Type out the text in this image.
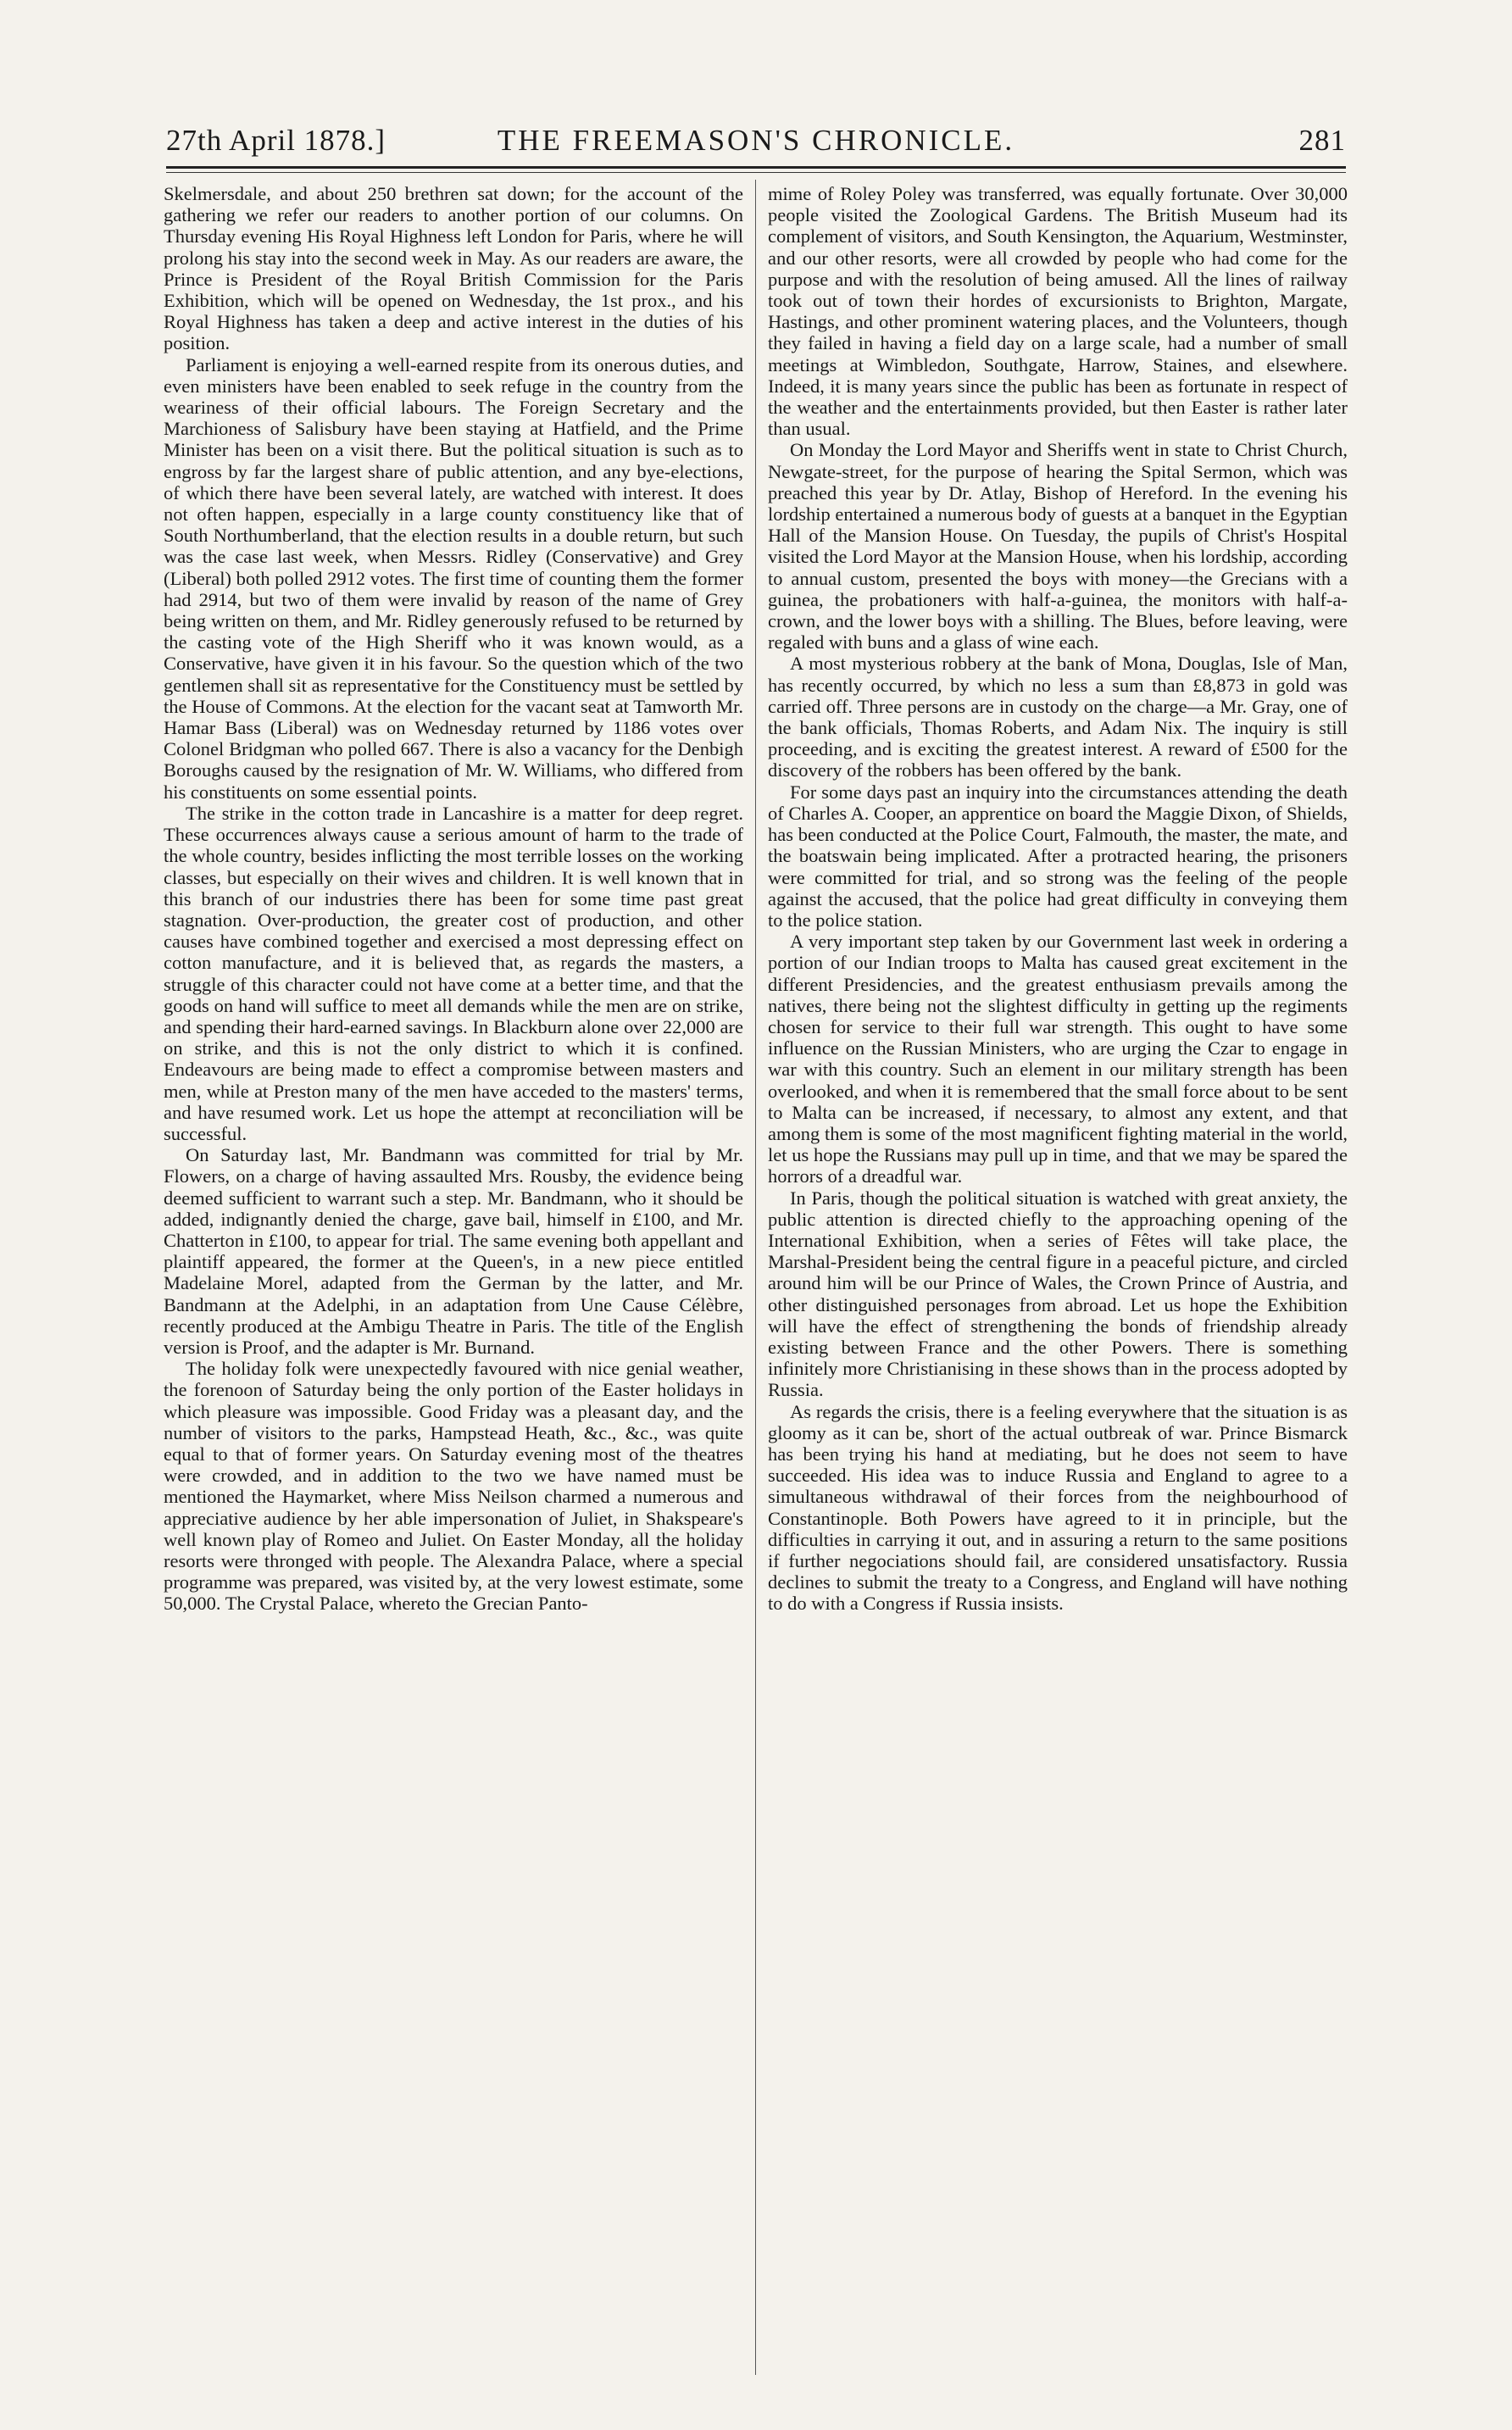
27th April 1878.]	THE FREEMASON'S CHRONICLE.	281

Skelmersdale, and about 250 brethren sat down; for the account of the gathering we refer our readers to another portion of our columns. On Thursday evening His Royal Highness left London for Paris, where he will prolong his stay into the second week in May. As our readers are aware, the Prince is President of the Royal British Commission for the Paris Exhibition, which will be opened on Wednesday, the 1st prox., and his Royal Highness has taken a deep and active interest in the duties of his position.

Parliament is enjoying a well-earned respite from its onerous duties, and even ministers have been enabled to seek refuge in the country from the weariness of their official labours. The Foreign Secretary and the Marchioness of Salisbury have been staying at Hatfield, and the Prime Minister has been on a visit there. But the political situation is such as to engross by far the largest share of public attention, and any bye-elections, of which there have been several lately, are watched with interest. It does not often happen, especially in a large county constituency like that of South Northumberland, that the election results in a double return, but such was the case last week, when Messrs. Ridley (Conservative) and Grey (Liberal) both polled 2912 votes. The first time of counting them the former had 2914, but two of them were invalid by reason of the name of Grey being written on them, and Mr. Ridley generously refused to be returned by the casting vote of the High Sheriff who it was known would, as a Conservative, have given it in his favour. So the question which of the two gentlemen shall sit as representative for the Constituency must be settled by the House of Commons. At the election for the vacant seat at Tamworth Mr. Hamar Bass (Liberal) was on Wednesday returned by 1186 votes over Colonel Bridgman who polled 667. There is also a vacancy for the Denbigh Boroughs caused by the resignation of Mr. W. Williams, who differed from his constituents on some essential points.

The strike in the cotton trade in Lancashire is a matter for deep regret. These occurrences always cause a serious amount of harm to the trade of the whole country, besides inflicting the most terrible losses on the working classes, but especially on their wives and children. It is well known that in this branch of our industries there has been for some time past great stagnation. Over-production, the greater cost of production, and other causes have combined together and exercised a most depressing effect on cotton manufacture, and it is believed that, as regards the masters, a struggle of this character could not have come at a better time, and that the goods on hand will suffice to meet all demands while the men are on strike, and spending their hard-earned savings. In Blackburn alone over 22,000 are on strike, and this is not the only district to which it is confined. Endeavours are being made to effect a compromise between masters and men, while at Preston many of the men have acceded to the masters' terms, and have resumed work. Let us hope the attempt at reconciliation will be successful.

On Saturday last, Mr. Bandmann was committed for trial by Mr. Flowers, on a charge of having assaulted Mrs. Rousby, the evidence being deemed sufficient to warrant such a step. Mr. Bandmann, who it should be added, indignantly denied the charge, gave bail, himself in £100, and Mr. Chatterton in £100, to appear for trial. The same evening both appellant and plaintiff appeared, the former at the Queen's, in a new piece entitled Madelaine Morel, adapted from the German by the latter, and Mr. Bandmann at the Adelphi, in an adaptation from Une Cause Célèbre, recently produced at the Ambigu Theatre in Paris. The title of the English version is Proof, and the adapter is Mr. Burnand.

The holiday folk were unexpectedly favoured with nice genial weather, the forenoon of Saturday being the only portion of the Easter holidays in which pleasure was impossible. Good Friday was a pleasant day, and the number of visitors to the parks, Hampstead Heath, &c., &c., was quite equal to that of former years. On Saturday evening most of the theatres were crowded, and in addition to the two we have named must be mentioned the Haymarket, where Miss Neilson charmed a numerous and appreciative audience by her able impersonation of Juliet, in Shakspeare's well known play of Romeo and Juliet. On Easter Monday, all the holiday resorts were thronged with people. The Alexandra Palace, where a special programme was prepared, was visited by, at the very lowest estimate, some 50,000. The Crystal Palace, whereto the Grecian Panto-

mime of Roley Poley was transferred, was equally fortunate. Over 30,000 people visited the Zoological Gardens. The British Museum had its complement of visitors, and South Kensington, the Aquarium, Westminster, and our other resorts, were all crowded by people who had come for the purpose and with the resolution of being amused. All the lines of railway took out of town their hordes of excursionists to Brighton, Margate, Hastings, and other prominent watering places, and the Volunteers, though they failed in having a field day on a large scale, had a number of small meetings at Wimbledon, Southgate, Harrow, Staines, and elsewhere. Indeed, it is many years since the public has been as fortunate in respect of the weather and the entertainments provided, but then Easter is rather later than usual.

On Monday the Lord Mayor and Sheriffs went in state to Christ Church, Newgate-street, for the purpose of hearing the Spital Sermon, which was preached this year by Dr. Atlay, Bishop of Hereford. In the evening his lordship entertained a numerous body of guests at a banquet in the Egyptian Hall of the Mansion House. On Tuesday, the pupils of Christ's Hospital visited the Lord Mayor at the Mansion House, when his lordship, according to annual custom, presented the boys with money—the Grecians with a guinea, the probationers with half-a-guinea, the monitors with half-a-crown, and the lower boys with a shilling. The Blues, before leaving, were regaled with buns and a glass of wine each.

A most mysterious robbery at the bank of Mona, Douglas, Isle of Man, has recently occurred, by which no less a sum than £8,873 in gold was carried off. Three persons are in custody on the charge—a Mr. Gray, one of the bank officials, Thomas Roberts, and Adam Nix. The inquiry is still proceeding, and is exciting the greatest interest. A reward of £500 for the discovery of the robbers has been offered by the bank.

For some days past an inquiry into the circumstances attending the death of Charles A. Cooper, an apprentice on board the Maggie Dixon, of Shields, has been conducted at the Police Court, Falmouth, the master, the mate, and the boatswain being implicated. After a protracted hearing, the prisoners were committed for trial, and so strong was the feeling of the people against the accused, that the police had great difficulty in conveying them to the police station.

A very important step taken by our Government last week in ordering a portion of our Indian troops to Malta has caused great excitement in the different Presidencies, and the greatest enthusiasm prevails among the natives, there being not the slightest difficulty in getting up the regiments chosen for service to their full war strength. This ought to have some influence on the Russian Ministers, who are urging the Czar to engage in war with this country. Such an element in our military strength has been overlooked, and when it is remembered that the small force about to be sent to Malta can be increased, if necessary, to almost any extent, and that among them is some of the most magnificent fighting material in the world, let us hope the Russians may pull up in time, and that we may be spared the horrors of a dreadful war.

In Paris, though the political situation is watched with great anxiety, the public attention is directed chiefly to the approaching opening of the International Exhibition, when a series of Fêtes will take place, the Marshal-President being the central figure in a peaceful picture, and circled around him will be our Prince of Wales, the Crown Prince of Austria, and other distinguished personages from abroad. Let us hope the Exhibition will have the effect of strengthening the bonds of friendship already existing between France and the other Powers. There is something infinitely more Christianising in these shows than in the process adopted by Russia.

As regards the crisis, there is a feeling everywhere that the situation is as gloomy as it can be, short of the actual outbreak of war. Prince Bismarck has been trying his hand at mediating, but he does not seem to have succeeded. His idea was to induce Russia and England to agree to a simultaneous withdrawal of their forces from the neighbourhood of Constantinople. Both Powers have agreed to it in principle, but the difficulties in carrying it out, and in assuring a return to the same positions if further negociations should fail, are considered unsatisfactory. Russia declines to submit the treaty to a Congress, and England will have nothing to do with a Congress if Russia insists.
